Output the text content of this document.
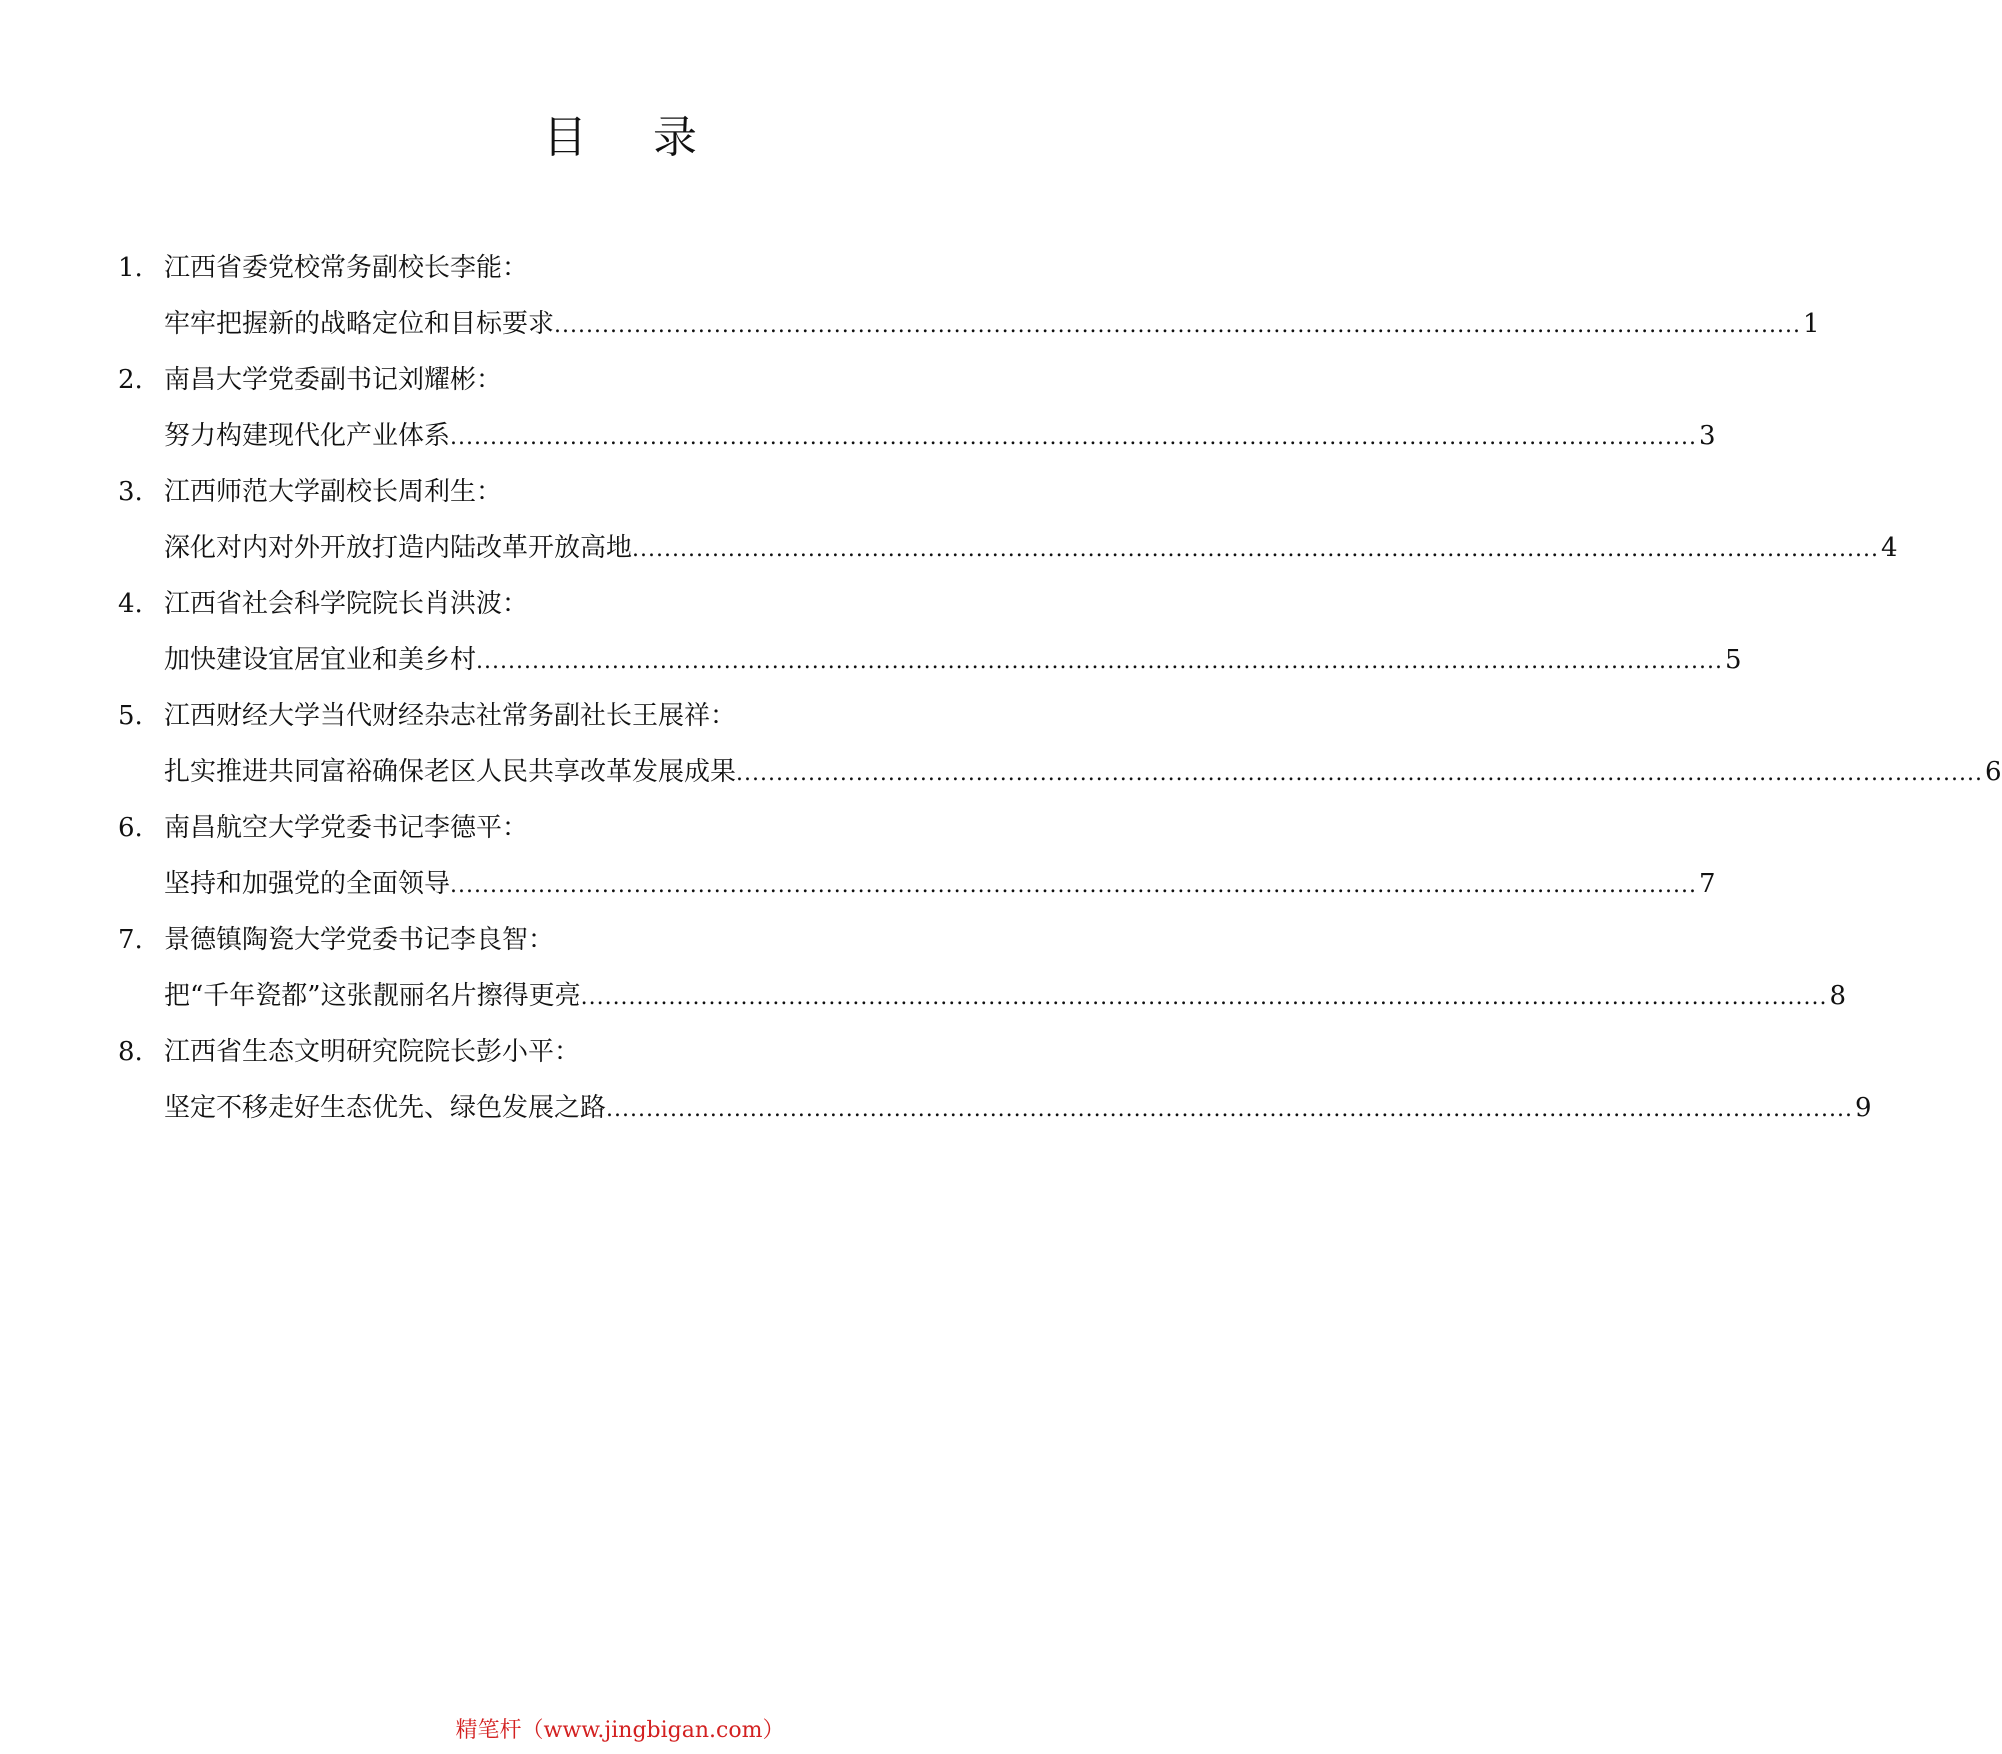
目 录
1. 江西省委党校常务副校长李能：
牢牢把握新的战略定位和目标要求 ............................................................................................................................................................ 1
2. 南昌大学党委副书记刘耀彬：
努力构建现代化产业体系 ............................................................................................................................................................ 3
3. 江西师范大学副校长周利生：
深化对内对外开放打造内陆改革开放高地 ............................................................................................................................................................ 4
4. 江西省社会科学院院长肖洪波：
加快建设宜居宜业和美乡村 ............................................................................................................................................................ 5
5. 江西财经大学当代财经杂志社常务副社长王展祥：
扎实推进共同富裕确保老区人民共享改革发展成果 ............................................................................................................................................................ 6
6. 南昌航空大学党委书记李德平：
坚持和加强党的全面领导 ............................................................................................................................................................ 7
7. 景德镇陶瓷大学党委书记李良智：
把“千年瓷都”这张靓丽名片擦得更亮 ............................................................................................................................................................ 8
8. 江西省生态文明研究院院长彭小平：
坚定不移走好生态优先、绿色发展之路 ............................................................................................................................................................ 9
精笔杆（www.jingbigan.com）
